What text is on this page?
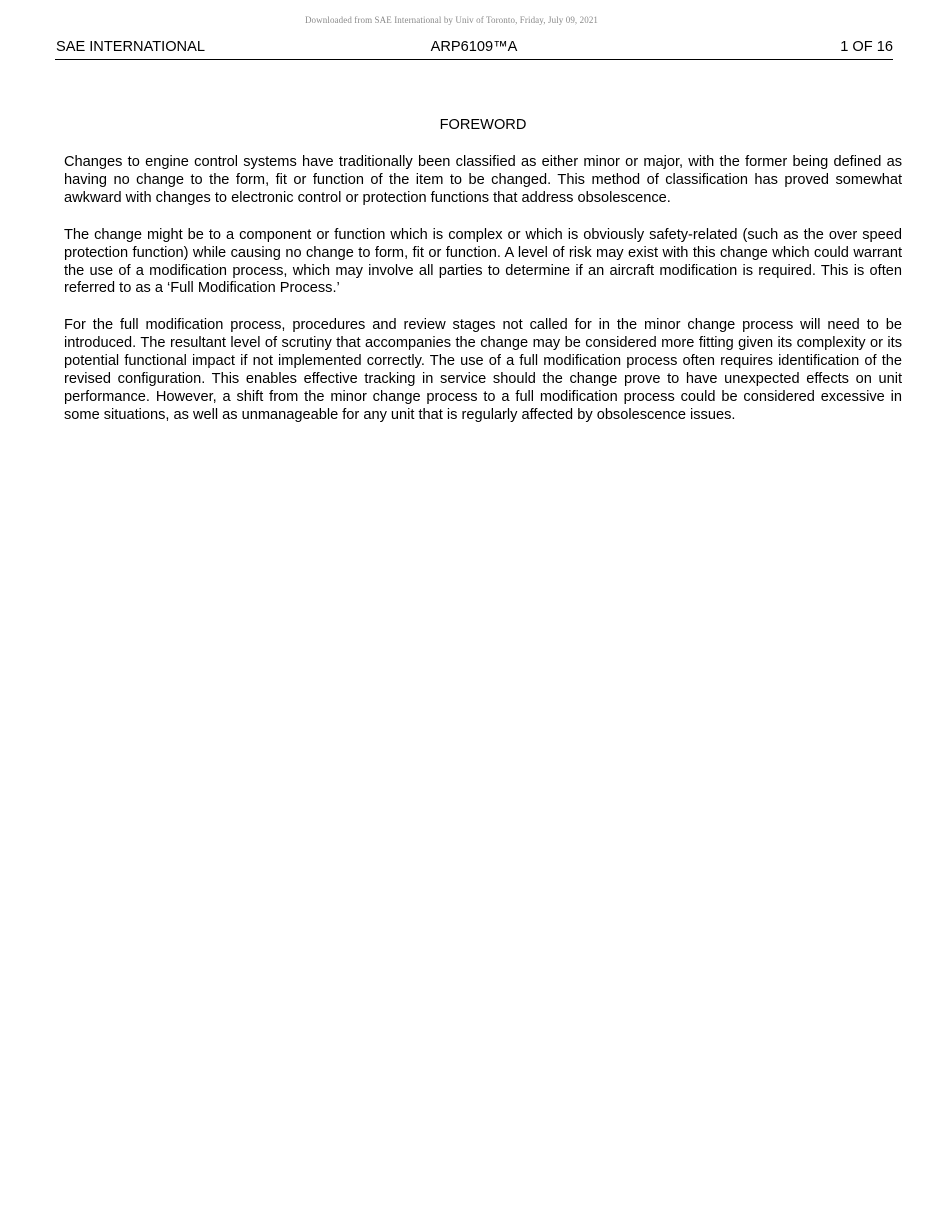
Downloaded from SAE International by Univ of Toronto, Friday, July 09, 2021
SAE INTERNATIONAL	ARP6109™A	1 OF 16
FOREWORD

Changes to engine control systems have traditionally been classified as either minor or major, with the former being defined as having no change to the form, fit or function of the item to be changed. This method of classification has proved somewhat awkward with changes to electronic control or protection functions that address obsolescence.

The change might be to a component or function which is complex or which is obviously safety-related (such as the over speed protection function) while causing no change to form, fit or function. A level of risk may exist with this change which could warrant the use of a modification process, which may involve all parties to determine if an aircraft modification is required. This is often referred to as a ‘Full Modification Process.’

For the full modification process, procedures and review stages not called for in the minor change process will need to be introduced. The resultant level of scrutiny that accompanies the change may be considered more fitting given its complexity or its potential functional impact if not implemented correctly. The use of a full modification process often requires identification of the revised configuration. This enables effective tracking in service should the change prove to have unexpected effects on unit performance. However, a shift from the minor change process to a full modification process could be considered excessive in some situations, as well as unmanageable for any unit that is regularly affected by obsolescence issues.
